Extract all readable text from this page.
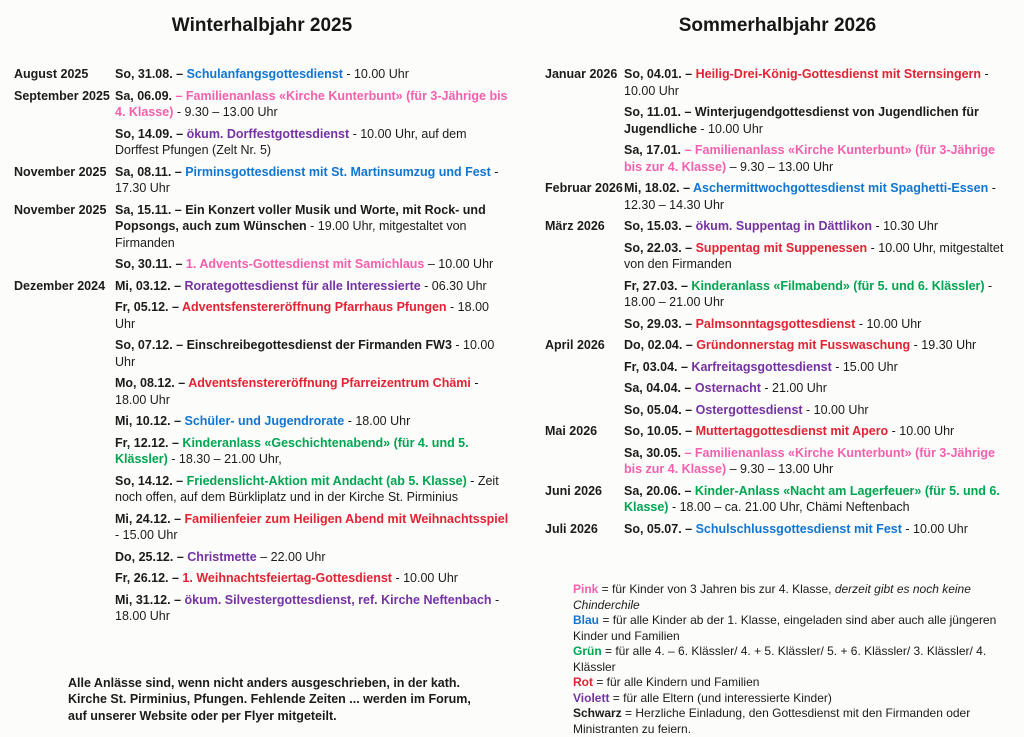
Winterhalbjahr 2025
August 2025	So, 31.08. – Schulanfangsgottesdienst - 10.00 Uhr
September 2025 Sa, 06.09. – Familienanlass «Kirche Kunterbunt» (für 3-Jährige bis 4. Klasse) - 9.30 – 13.00 Uhr
So, 14.09. – ökum. Dorffestgottesdienst - 10.00 Uhr, auf dem Dorffest Pfungen (Zelt Nr. 5)
November 2025 Sa, 08.11. – Pirminsgottesdienst mit St. Martinsumzug und Fest - 17.30 Uhr
November 2025 Sa, 15.11. – Ein Konzert voller Musik und Worte, mit Rock- und Popsongs, auch zum Wünschen - 19.00 Uhr, mitgestaltet von Firmanden
So, 30.11. – 1. Advents-Gottesdienst mit Samichlaus – 10.00 Uhr
Dezember 2024 Mi, 03.12. – Rorategottesdienst für alle Interessierte - 06.30 Uhr
Fr, 05.12. – Adventsfenstereröffnung Pfarrhaus Pfungen - 18.00 Uhr
So, 07.12. – Einschreibegottesdienst der Firmanden FW3 - 10.00 Uhr
Mo, 08.12. – Adventsfenstereröffnung Pfarreizentrum Chämi - 18.00 Uhr
Mi, 10.12. – Schüler- und Jugendrorate - 18.00 Uhr
Fr, 12.12. – Kinderanlass «Geschichtenabend» (für 4. und 5. Klässler) - 18.30 – 21.00 Uhr,
So, 14.12. – Friedenslicht-Aktion mit Andacht (ab 5. Klasse) - Zeit noch offen, auf dem Bürkliplatz und in der Kirche St. Pirminius
Mi, 24.12. – Familienfeier zum Heiligen Abend mit Weihnachtsspiel - 15.00 Uhr
Do, 25.12. – Christmette – 22.00 Uhr
Fr, 26.12. – 1. Weihnachtsfeiertag-Gottesdienst - 10.00 Uhr
Mi, 31.12. – ökum. Silvestergottesdienst, ref. Kirche Neftenbach - 18.00 Uhr
Alle Anlässe sind, wenn nicht anders ausgeschrieben, in der kath. Kirche St. Pirminius, Pfungen. Fehlende Zeiten ... werden im Forum, auf unserer Website oder per Flyer mitgeteilt.
Sommerhalbjahr 2026
Januar 2026 So, 04.01. – Heilig-Drei-König-Gottesdienst mit Sternsingern - 10.00 Uhr
So, 11.01. – Winterjugendgottesdienst von Jugendlichen für Jugendliche - 10.00 Uhr
Sa, 17.01. – Familienanlass «Kirche Kunterbunt» (für 3-Jährige bis zur 4. Klasse) – 9.30 – 13.00 Uhr
Februar 2026 Mi, 18.02. – Aschermittwochgottesdienst mit Spaghetti-Essen - 12.30 – 14.30 Uhr
März 2026	So, 15.03. – ökum. Suppentag in Dättlikon - 10.30 Uhr
So, 22.03. – Suppentag mit Suppenessen - 10.00 Uhr, mitgestaltet von den Firmanden
Fr, 27.03. – Kinderanlass «Filmabend» (für 5. und 6. Klässler) - 18.00 – 21.00 Uhr
So, 29.03. – Palmsonntagsgottesdienst - 10.00 Uhr
April 2026	Do, 02.04. – Gründonnerstag mit Fusswaschung - 19.30 Uhr
Fr, 03.04. – Karfreitagsgottesdienst - 15.00 Uhr
Sa, 04.04. – Osternacht - 21.00 Uhr
So, 05.04. – Ostergottesdienst - 10.00 Uhr
Mai 2026	So, 10.05. – Muttertaggottesdienst mit Apero - 10.00 Uhr
Sa, 30.05. – Familienanlass «Kirche Kunterbunt» (für 3-Jährige bis zur 4. Klasse) – 9.30 – 13.00 Uhr
Juni 2026	Sa, 20.06. – Kinder-Anlass «Nacht am Lagerfeuer» (für 5. und 6. Klasse) - 18.00 – ca. 21.00 Uhr, Chämi Neftenbach
Juli 2026	So, 05.07. – Schulschlussgottesdienst mit Fest - 10.00 Uhr
Pink = für Kinder von 3 Jahren bis zur 4. Klasse, derzeit gibt es noch keine Chinderchile
Blau = für alle Kinder ab der 1. Klasse, eingeladen sind aber auch alle jüngeren Kinder und Familien
Grün = für alle 4. – 6. Klässler/ 4. + 5. Klässler/ 5. + 6. Klässler/ 3. Klässler/ 4. Klässler
Rot = für alle Kindern und Familien
Violett = für alle Eltern (und interessierte Kinder)
Schwarz = Herzliche Einladung, den Gottesdienst mit den Firmanden oder Ministranten zu feiern.
